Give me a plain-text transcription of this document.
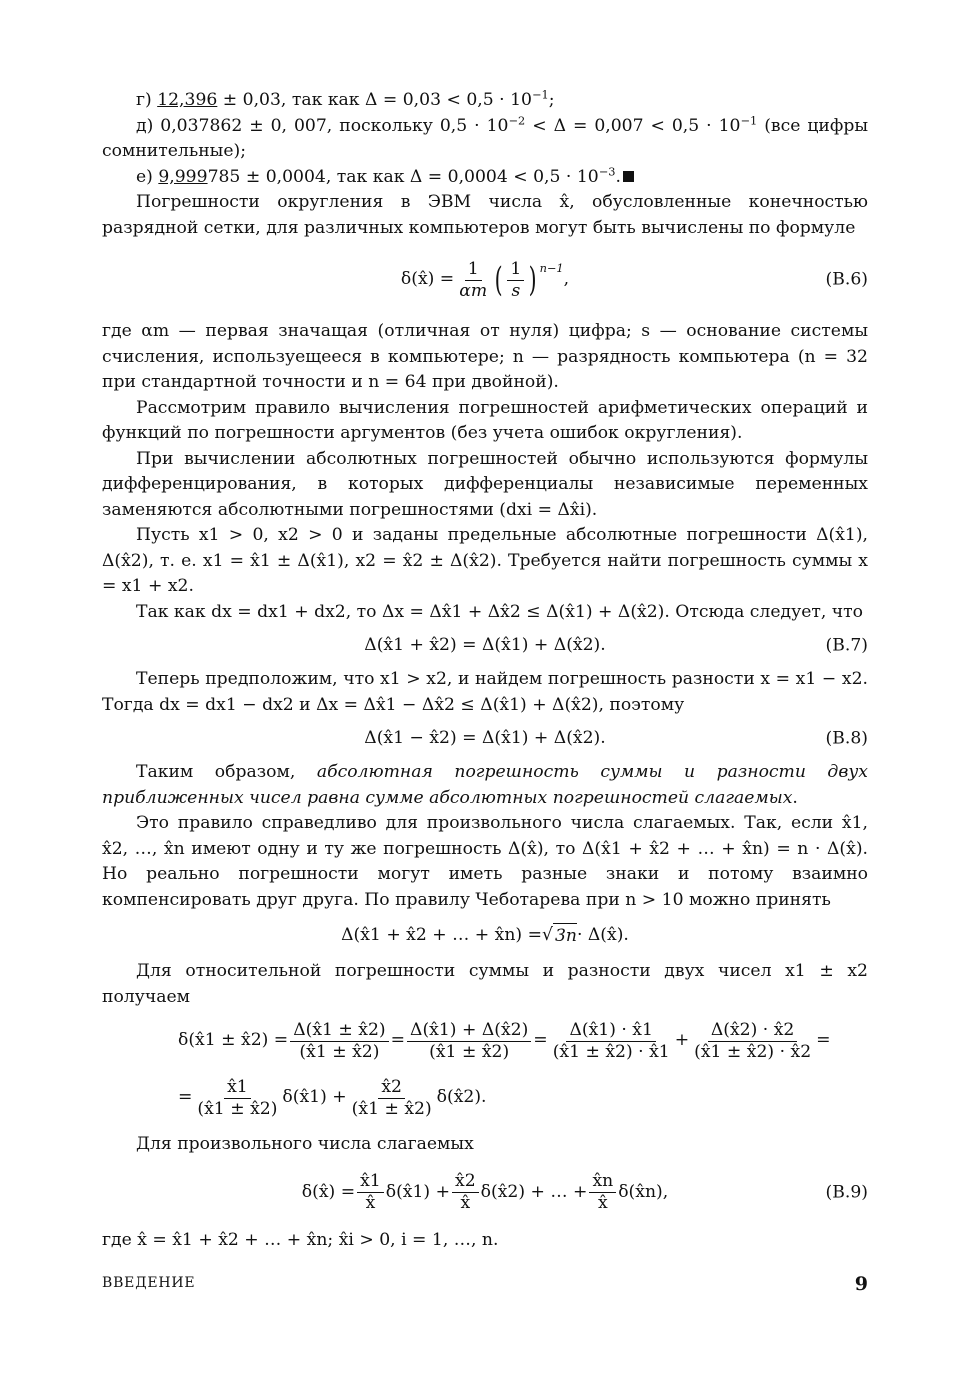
г) 12,396 ± 0,03, так как $\Delta = 0,03 < 0,5 \cdot 10^{-1}$;

д) 0,037862 ± 0, 007, поскольку $0,5 \cdot 10^{-2} < \Delta = 0,007 < 0,5 \cdot 10^{-1}$ (все цифры сомнительные);

е) 9,999785 ± 0,0004, так как $\Delta = 0,0004 < 0,5 \cdot 10^{-3}$.

Погрешности округления в ЭВМ числа x̂, обусловленные конечностью разрядной сетки, для различных компьютеров могут быть вычислены по формуле

δ(x̂) = $\frac{1}{\alpha m}$ ( $\frac{1}{s} )^{n-1}$
,	(В.6)

где αm — первая значащая (отличная от нуля) цифра; s — основание системы счисления, используещееся в компьютере; n — разрядность компьютера (n = 32 при стандартной точности и n = 64 при двойной).

Рассмотрим правило вычисления погрешностей арифметических операций и функций по погрешности аргументов (без учета ошибок округления).

При вычислении абсолютных погрешностей обычно используются формулы дифференцирования, в которых дифференциалы независимые переменных заменяются абсолютными погрешностями (dxi = Δx̂i).

Пусть x1 > 0, x2 > 0 и заданы предельные абсолютные погрешности Δ(x̂1), Δ(x̂2), т. е. x1 = x̂1 ± Δ(x̂1), x2 = x̂2 ± Δ(x̂2). Требуется найти погрешность суммы x = x1 + x2.

Так как dx = dx1 + dx2, то Δx = Δx̂1 + Δx̂2 ≤ Δ(x̂1) + Δ(x̂2). Отсюда следует, что

Δ(x̂1 + x̂2) = Δ(x̂1) + Δ(x̂2).	(В.7)

Теперь предположим, что x1 > x2, и найдем погрешность разности x = x1 − x2. Тогда dx = dx1 − dx2 и Δx = Δx̂1 − Δx̂2 ≤ Δ(x̂1) + Δ(x̂2), поэтому

Δ(x̂1 − x̂2) = Δ(x̂1) + Δ(x̂2).	(В.8)

Таким образом, абсолютная погрешность суммы и разности двух приближенных чисел равна сумме абсолютных погрешностей слагаемых.

Это правило справедливо для произвольного числа слагаемых. Так, если x̂1, x̂2, …, x̂n имеют одну и ту же погрешность Δ(x̂), то Δ(x̂1 + x̂2 + … + x̂n) = n · Δ(x̂). Но реально погрешности могут иметь разные знаки и потому взаимно компенсировать друг друга. По правилу Чеботарева при n > 10 можно принять

Δ(x̂1 + x̂2 + … + x̂n) = √ 3n · Δ(x̂).

Для относительной погрешности суммы и разности двух чисел x1 ± x2 получаем

δ(x̂1 ± x̂2) = $\frac{\Delta(x̂1 \pm x̂2)}{(x̂1 \pm x̂2)} = \frac{\Delta(x̂1) + \Delta(x̂2)}{(x̂1 \pm x̂2)} = \frac{\Delta(x̂1) \cdot x̂1}{(x̂1 \pm x̂2) \cdot x̂1} + \frac{\Delta(x̂2) \cdot x̂2}{(x̂1 \pm x̂2) \cdot x̂2}$ =
= $\frac{x̂1}{(x̂1 \pm x̂2)}$ δ(x̂1) + $\frac{x̂2}{(x̂1 \pm x̂2)}$ δ(x̂2).

Для произвольного числа слагаемых

δ(x̂) = $\frac{x̂1}{x̂}$ δ(x̂1) + $\frac{x̂2}{x̂}$ δ(x̂2) + … + $\frac{x̂n}{x̂}$ δ(x̂n),	(В.9)

где x̂ = x̂1 + x̂2 + … + x̂n; x̂i > 0, i = 1, …, n.

ВВЕДЕНИЕ	9
